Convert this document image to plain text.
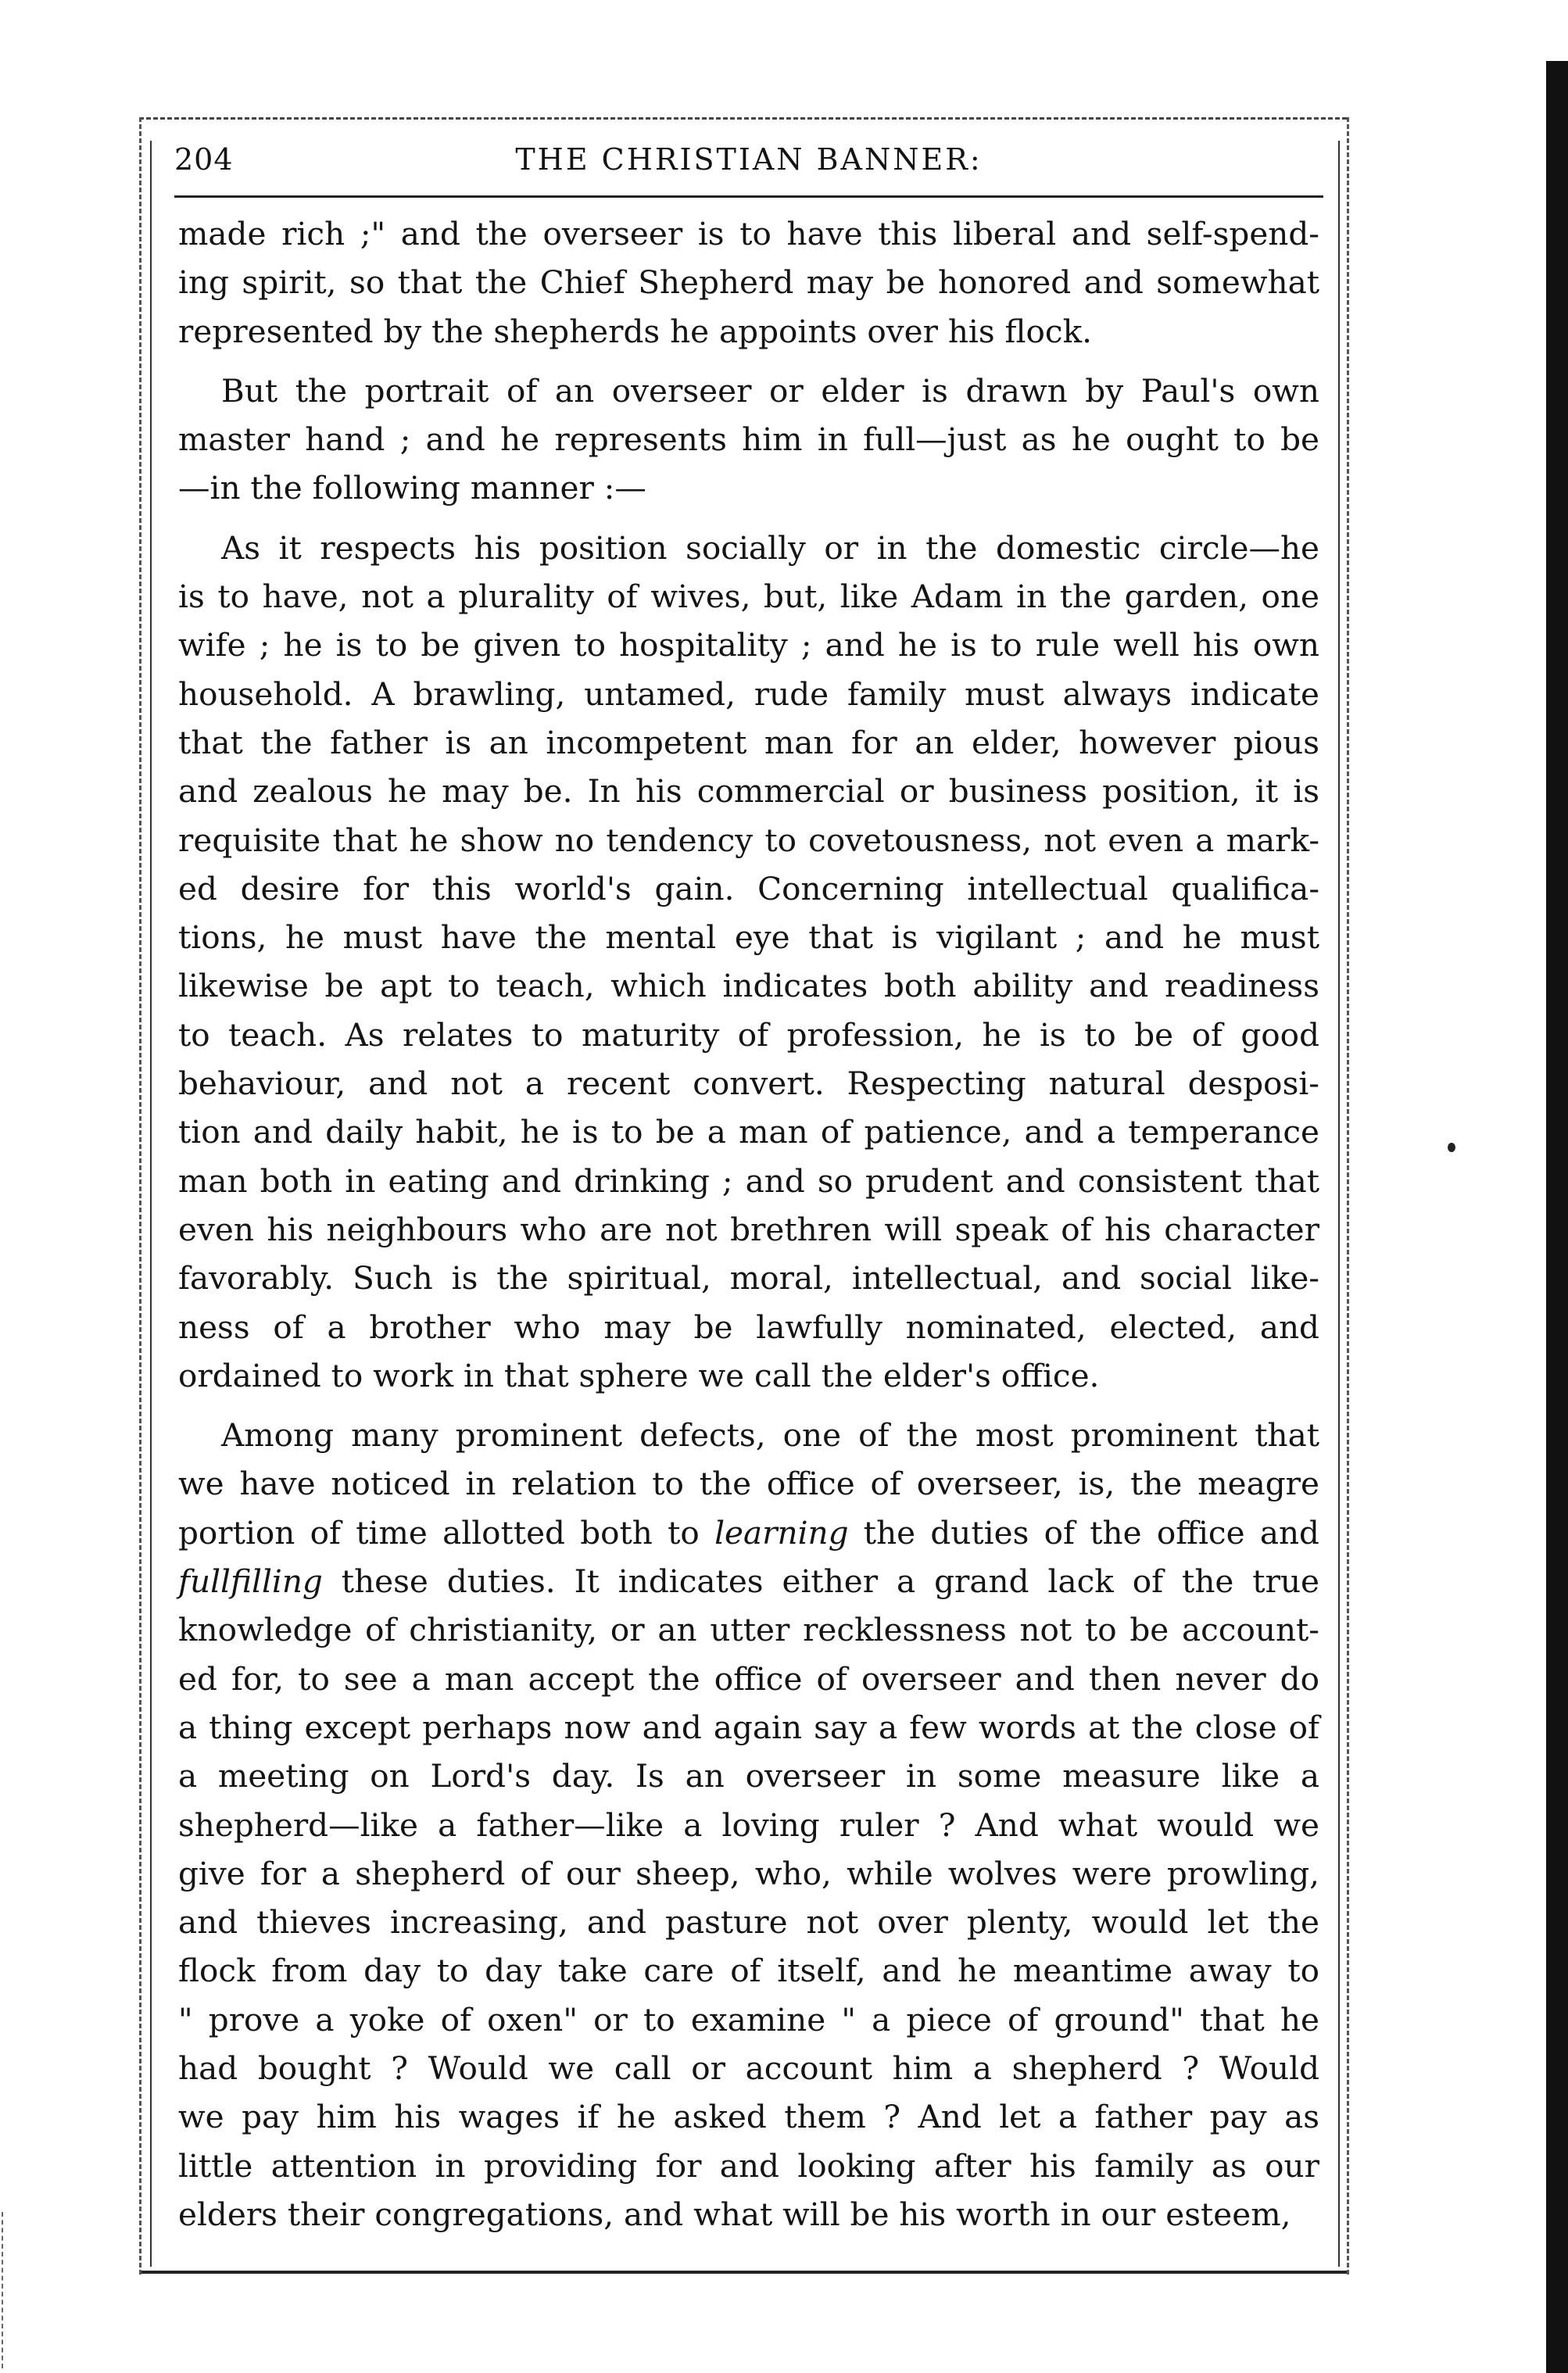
204	THE CHRISTIAN BANNER:
made rich ;" and the overseer is to have this liberal and self-spend-
ing spirit, so that the Chief Shepherd may be honored and somewhat
represented by the shepherds he appoints over his flock.
But the portrait of an overseer or elder is drawn by Paul's own
master hand ; and he represents him in full—just as he ought to be
—in the following manner :—
As it respects his position socially or in the domestic circle—he
is to have, not a plurality of wives, but, like Adam in the garden, one
wife ; he is to be given to hospitality ; and he is to rule well his own
household. A brawling, untamed, rude family must always indicate
that the father is an incompetent man for an elder, however pious
and zealous he may be. In his commercial or business position, it is
requisite that he show no tendency to covetousness, not even a mark-
ed desire for this world's gain. Concerning intellectual qualifica-
tions, he must have the mental eye that is vigilant ; and he must
likewise be apt to teach, which indicates both ability and readiness
to teach. As relates to maturity of profession, he is to be of good
behaviour, and not a recent convert. Respecting natural desposi-
tion and daily habit, he is to be a man of patience, and a temperance
man both in eating and drinking ; and so prudent and consistent that
even his neighbours who are not brethren will speak of his character
favorably. Such is the spiritual, moral, intellectual, and social like-
ness of a brother who may be lawfully nominated, elected, and
ordained to work in that sphere we call the elder's office.
Among many prominent defects, one of the most prominent that
we have noticed in relation to the office of overseer, is, the meagre
portion of time allotted both to learning the duties of the office and
fullfilling these duties. It indicates either a grand lack of the true
knowledge of christianity, or an utter recklessness not to be account-
ed for, to see a man accept the office of overseer and then never do
a thing except perhaps now and again say a few words at the close of
a meeting on Lord's day. Is an overseer in some measure like a
shepherd—like a father—like a loving ruler ? And what would we
give for a shepherd of our sheep, who, while wolves were prowling,
and thieves increasing, and pasture not over plenty, would let the
flock from day to day take care of itself, and he meantime away to
" prove a yoke of oxen" or to examine " a piece of ground" that he
had bought ? Would we call or account him a shepherd ? Would
we pay him his wages if he asked them ? And let a father pay as
little attention in providing for and looking after his family as our
elders their congregations, and what will be his worth in our esteem,
